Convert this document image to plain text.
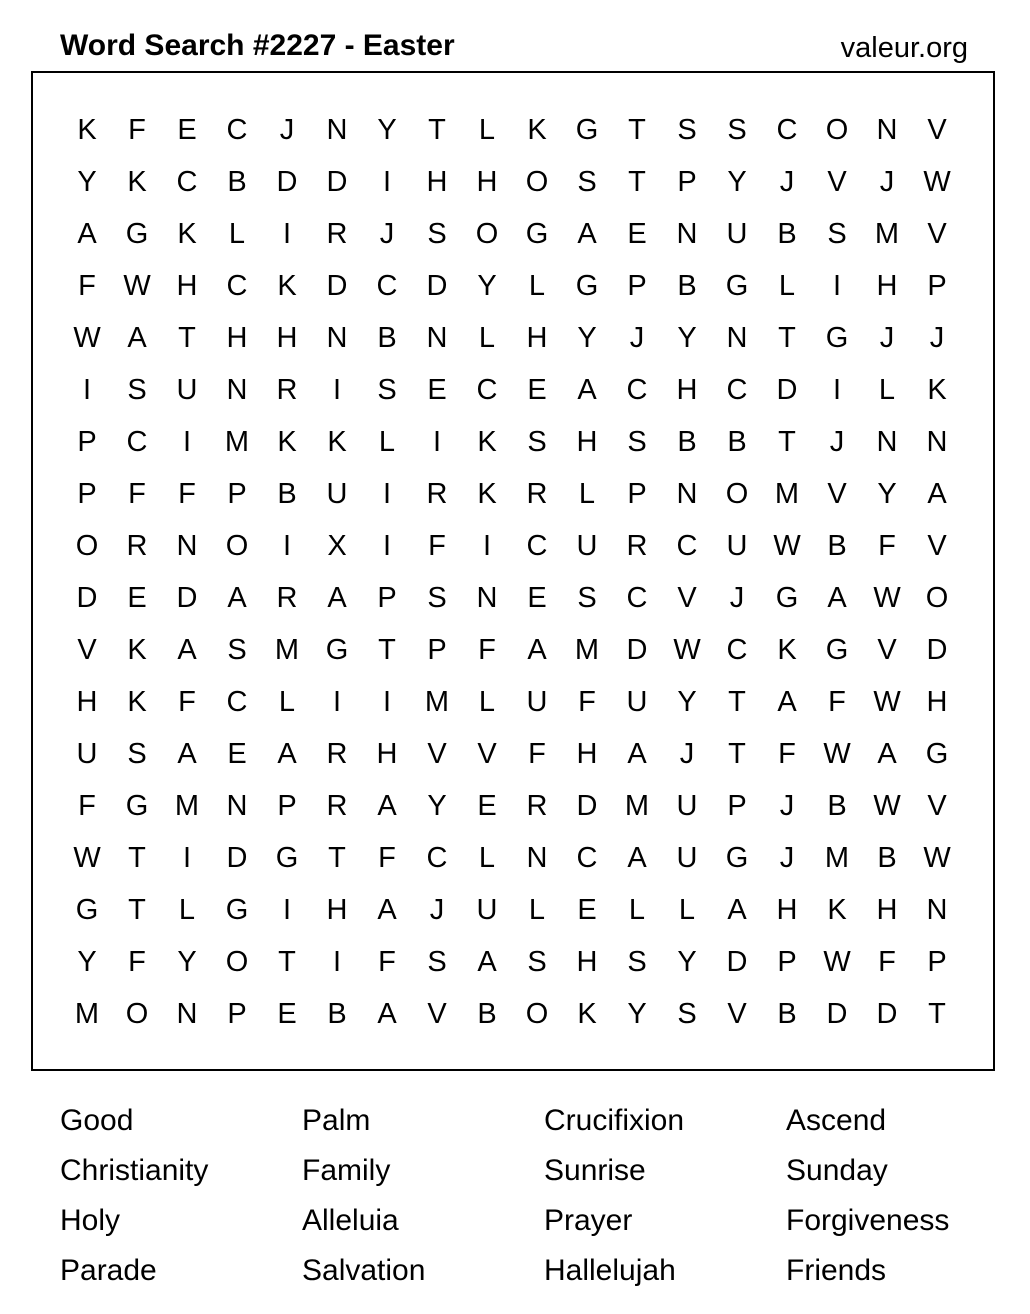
Word Search #2227 - Easter	valeur.org
K	F	E	C	J	N	Y	T	L	K	G	T	S	S	C O N	V
Y	K	C	B	D	D	I	H	H O	S	T	P	Y	J	V	J	W
A	G	K	L	I	R	J	S	O G	A	E	N	U	B	S M V
F W H	C	K	D	C	D	Y	L	G	P	B	G	L	I	H	P
W A	T	H	H	N	B	N	L	H	Y	J	Y	N	T	G	J	J
I	S	U	N	R	I	S	E	C	E	A	C	H	C	D	I	L	K
P	C	I	M K	K	L	I	K	S	H	S	B	B	T	J	N	N
P	F	F	P	B	U	I	R	K	R	L	P	N O M V	Y	A
O R	N O	I	X	I	F	I	C	U	R	C	U W B	F	V
D	E	D	A	R	A	P	S	N	E	S	C	V	J	G	A W O
V	K	A	S M G	T	P	F	A M D W C	K	G	V	D
H	K	F	C	L	I	I	M	L	U	F	U	Y	T	A	F W H
U	S	A	E	A	R	H	V	V	F	H	A	J	T	F W A	G
F	G M N	P	R	A	Y	E	R	D M U	P	J	B W V
W T	I	D G	T	F	C	L	N	C	A	U G	J	M B W
G	T	L	G	I	H	A	J	U	L	E	L	L	A	H	K	H	N
Y	F	Y	O	T	I	F	S	A	S	H	S	Y	D	P W F	P
M O N	P	E	B	A	V	B	O	K	Y	S	V	B	D	D	T
Good	Palm	Crucifixion	Ascend
Christianity	Family	Sunrise	Sunday
Holy	Alleluia	Prayer	Forgiveness
Parade	Salvation	Hallelujah	Friends
